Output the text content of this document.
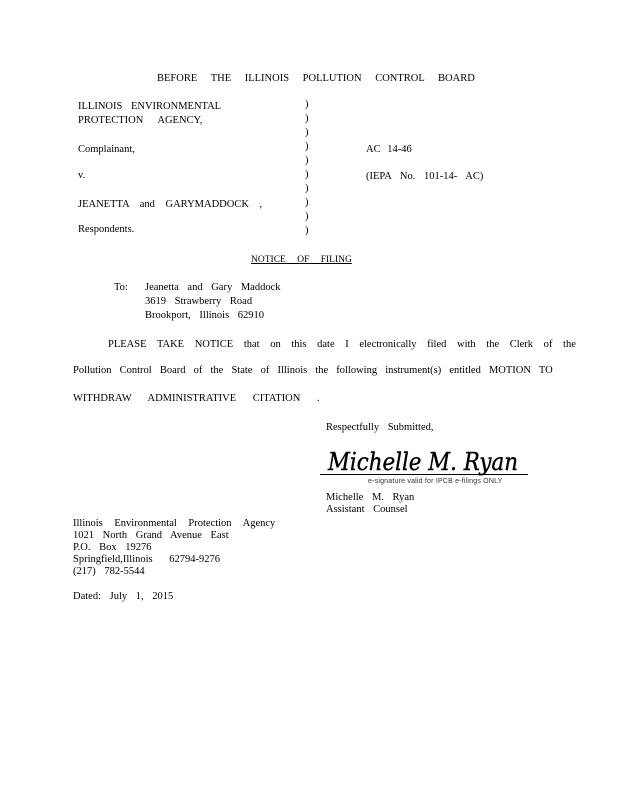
BEFORE THE ILLINOIS POLLUTION CONTROL BOARD
ILLINOIS ENVIRONMENTAL
PROTECTION AGENCY,
Complainant,
v.
JEANETTA and GARYMADDOCK ,
Respondents.
)
)
)
)
)
)
)
)
)
)
AC 14-46
(IEPA No. 101-14- AC)
NOTICE OF FILING
To: Jeanetta and Gary Maddock
3619 Strawberry Road
Brookport, Illinois 62910
PLEASE TAKE NOTICE that on this date I electronically filed with the Clerk of the
Pollution Control Board of the State of Illinois the following instrument(s) entitled MOTION TO
WITHDRAW ADMINISTRATIVE CITATION .
Respectfully Submitted,
Michelle M. Ryan
e-signature valid for IPCB e-filings ONLY
Michelle M. Ryan
Assistant Counsel
Illinois Environmental Protection Agency
1021 North Grand Avenue East
P.O. Box 19276
Springfield,Illinois 62794-9276
(217) 782-5544
Dated: July 1, 2015
